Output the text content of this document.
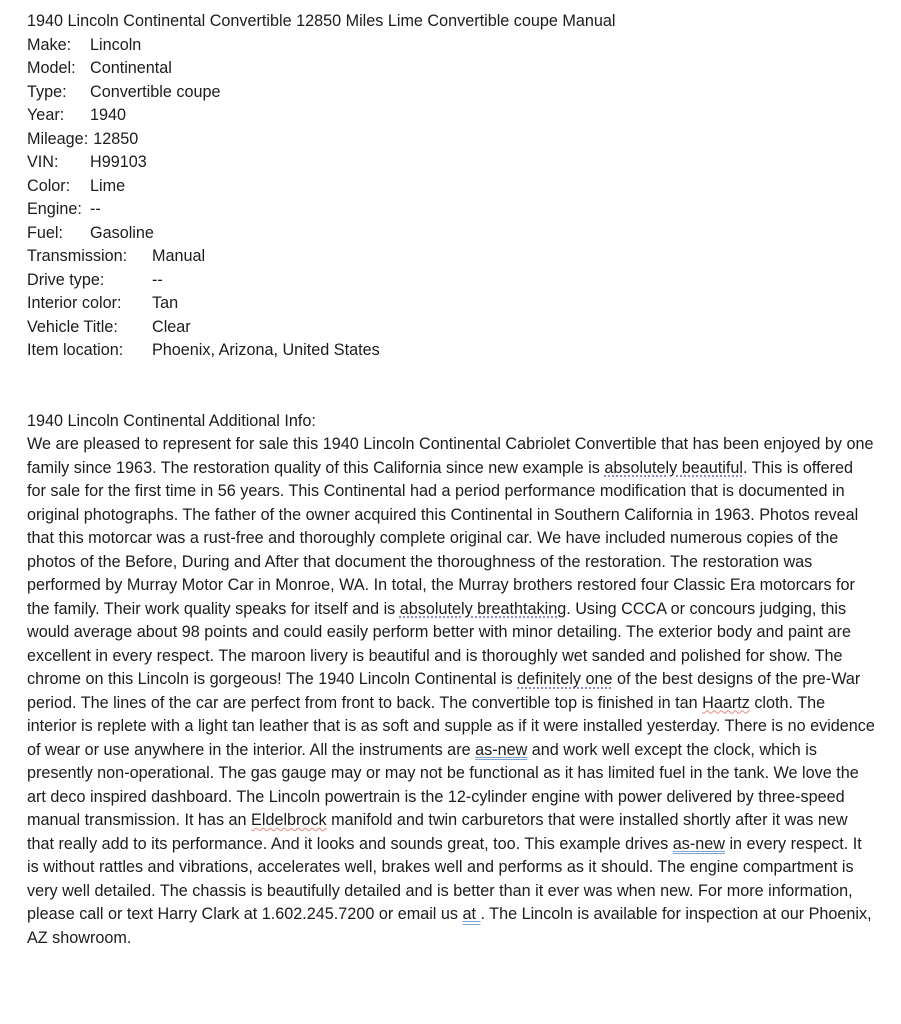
1940 Lincoln Continental Convertible 12850 Miles Lime Convertible coupe Manual
Make:	Lincoln
Model: Continental
Type:	Convertible coupe
Year:	1940
Mileage: 12850
VIN:	H99103
Color:	Lime
Engine: --
Fuel:	Gasoline
Transmission:	Manual
Drive type:	--
Interior color:	Tan
Vehicle Title:	Clear
Item location:	Phoenix, Arizona, United States
1940 Lincoln Continental Additional Info:

We are pleased to represent for sale this 1940 Lincoln Continental Cabriolet Convertible that has been enjoyed by one family since 1963. The restoration quality of this California since new example is absolutely beautiful. This is offered for sale for the first time in 56 years. This Continental had a period performance modification that is documented in original photographs. The father of the owner acquired this Continental in Southern California in 1963. Photos reveal that this motorcar was a rust-free and thoroughly complete original car. We have included numerous copies of the photos of the Before, During and After that document the thoroughness of the restoration. The restoration was performed by Murray Motor Car in Monroe, WA. In total, the Murray brothers restored four Classic Era motorcars for the family. Their work quality speaks for itself and is absolutely breathtaking. Using CCCA or concours judging, this would average about 98 points and could easily perform better with minor detailing. The exterior body and paint are excellent in every respect. The maroon livery is beautiful and is thoroughly wet sanded and polished for show. The chrome on this Lincoln is gorgeous! The 1940 Lincoln Continental is definitely one of the best designs of the pre-War period. The lines of the car are perfect from front to back. The convertible top is finished in tan Haartz cloth. The interior is replete with a light tan leather that is as soft and supple as if it were installed yesterday. There is no evidence of wear or use anywhere in the interior. All the instruments are as-new and work well except the clock, which is presently non-operational. The gas gauge may or may not be functional as it has limited fuel in the tank. We love the art deco inspired dashboard. The Lincoln powertrain is the 12-cylinder engine with power delivered by three-speed manual transmission. It has an Eldelbrock manifold and twin carburetors that were installed shortly after it was new that really add to its performance. And it looks and sounds great, too. This example drives as-new in every respect. It is without rattles and vibrations, accelerates well, brakes well and performs as it should. The engine compartment is very well detailed. The chassis is beautifully detailed and is better than it ever was when new. For more information, please call or text Harry Clark at 1.602.245.7200 or email us at . The Lincoln is available for inspection at our Phoenix, AZ showroom.
